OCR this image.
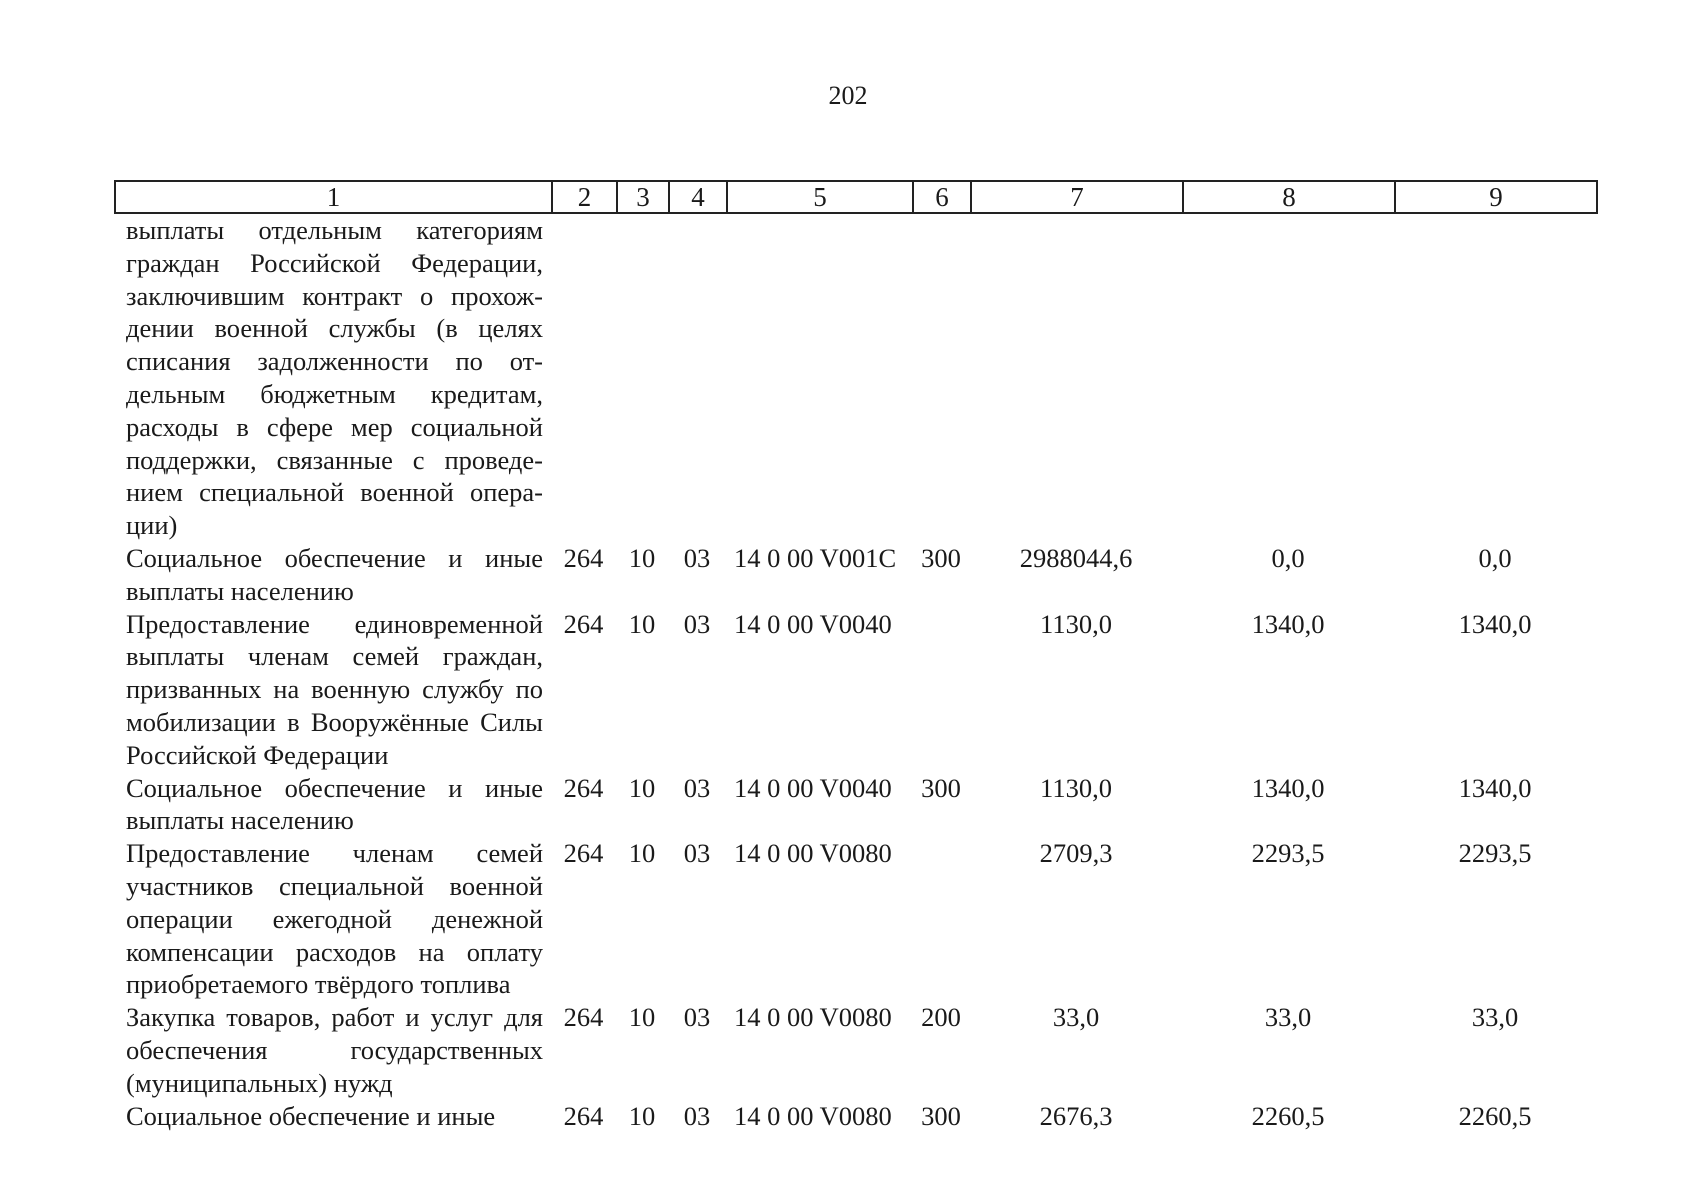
202
1	2	3	4	5	6	7	8	9
выплаты отдельным категориям граждан Российской Федерации, заключившим контракт о прохождении военной службы (в целях списания задолженности по отдельным бюджетным кредитам, расходы в сфере мер социальной поддержки, связанные с проведением специальной военной операции)								
Социальное обеспечение и иные выплаты населению	264	10	03	14 0 00 V001C	300	2988044,6	0,0	0,0
Предоставление единовременной выплаты членам семей граждан, призванных на военную службу по мобилизации в Вооружённые Силы Российской Федерации	264	10	03	14 0 00 V0040		1130,0	1340,0	1340,0
Социальное обеспечение и иные выплаты населению	264	10	03	14 0 00 V0040	300	1130,0	1340,0	1340,0
Предоставление членам семей участников специальной военной операции ежегодной денежной компенсации расходов на оплату приобретаемого твёрдого топлива	264	10	03	14 0 00 V0080		2709,3	2293,5	2293,5
Закупка товаров, работ и услуг для обеспечения государственных (муниципальных) нужд	264	10	03	14 0 00 V0080	200	33,0	33,0	33,0
Социальное обеспечение и иные	264	10	03	14 0 00 V0080	300	2676,3	2260,5	2260,5
